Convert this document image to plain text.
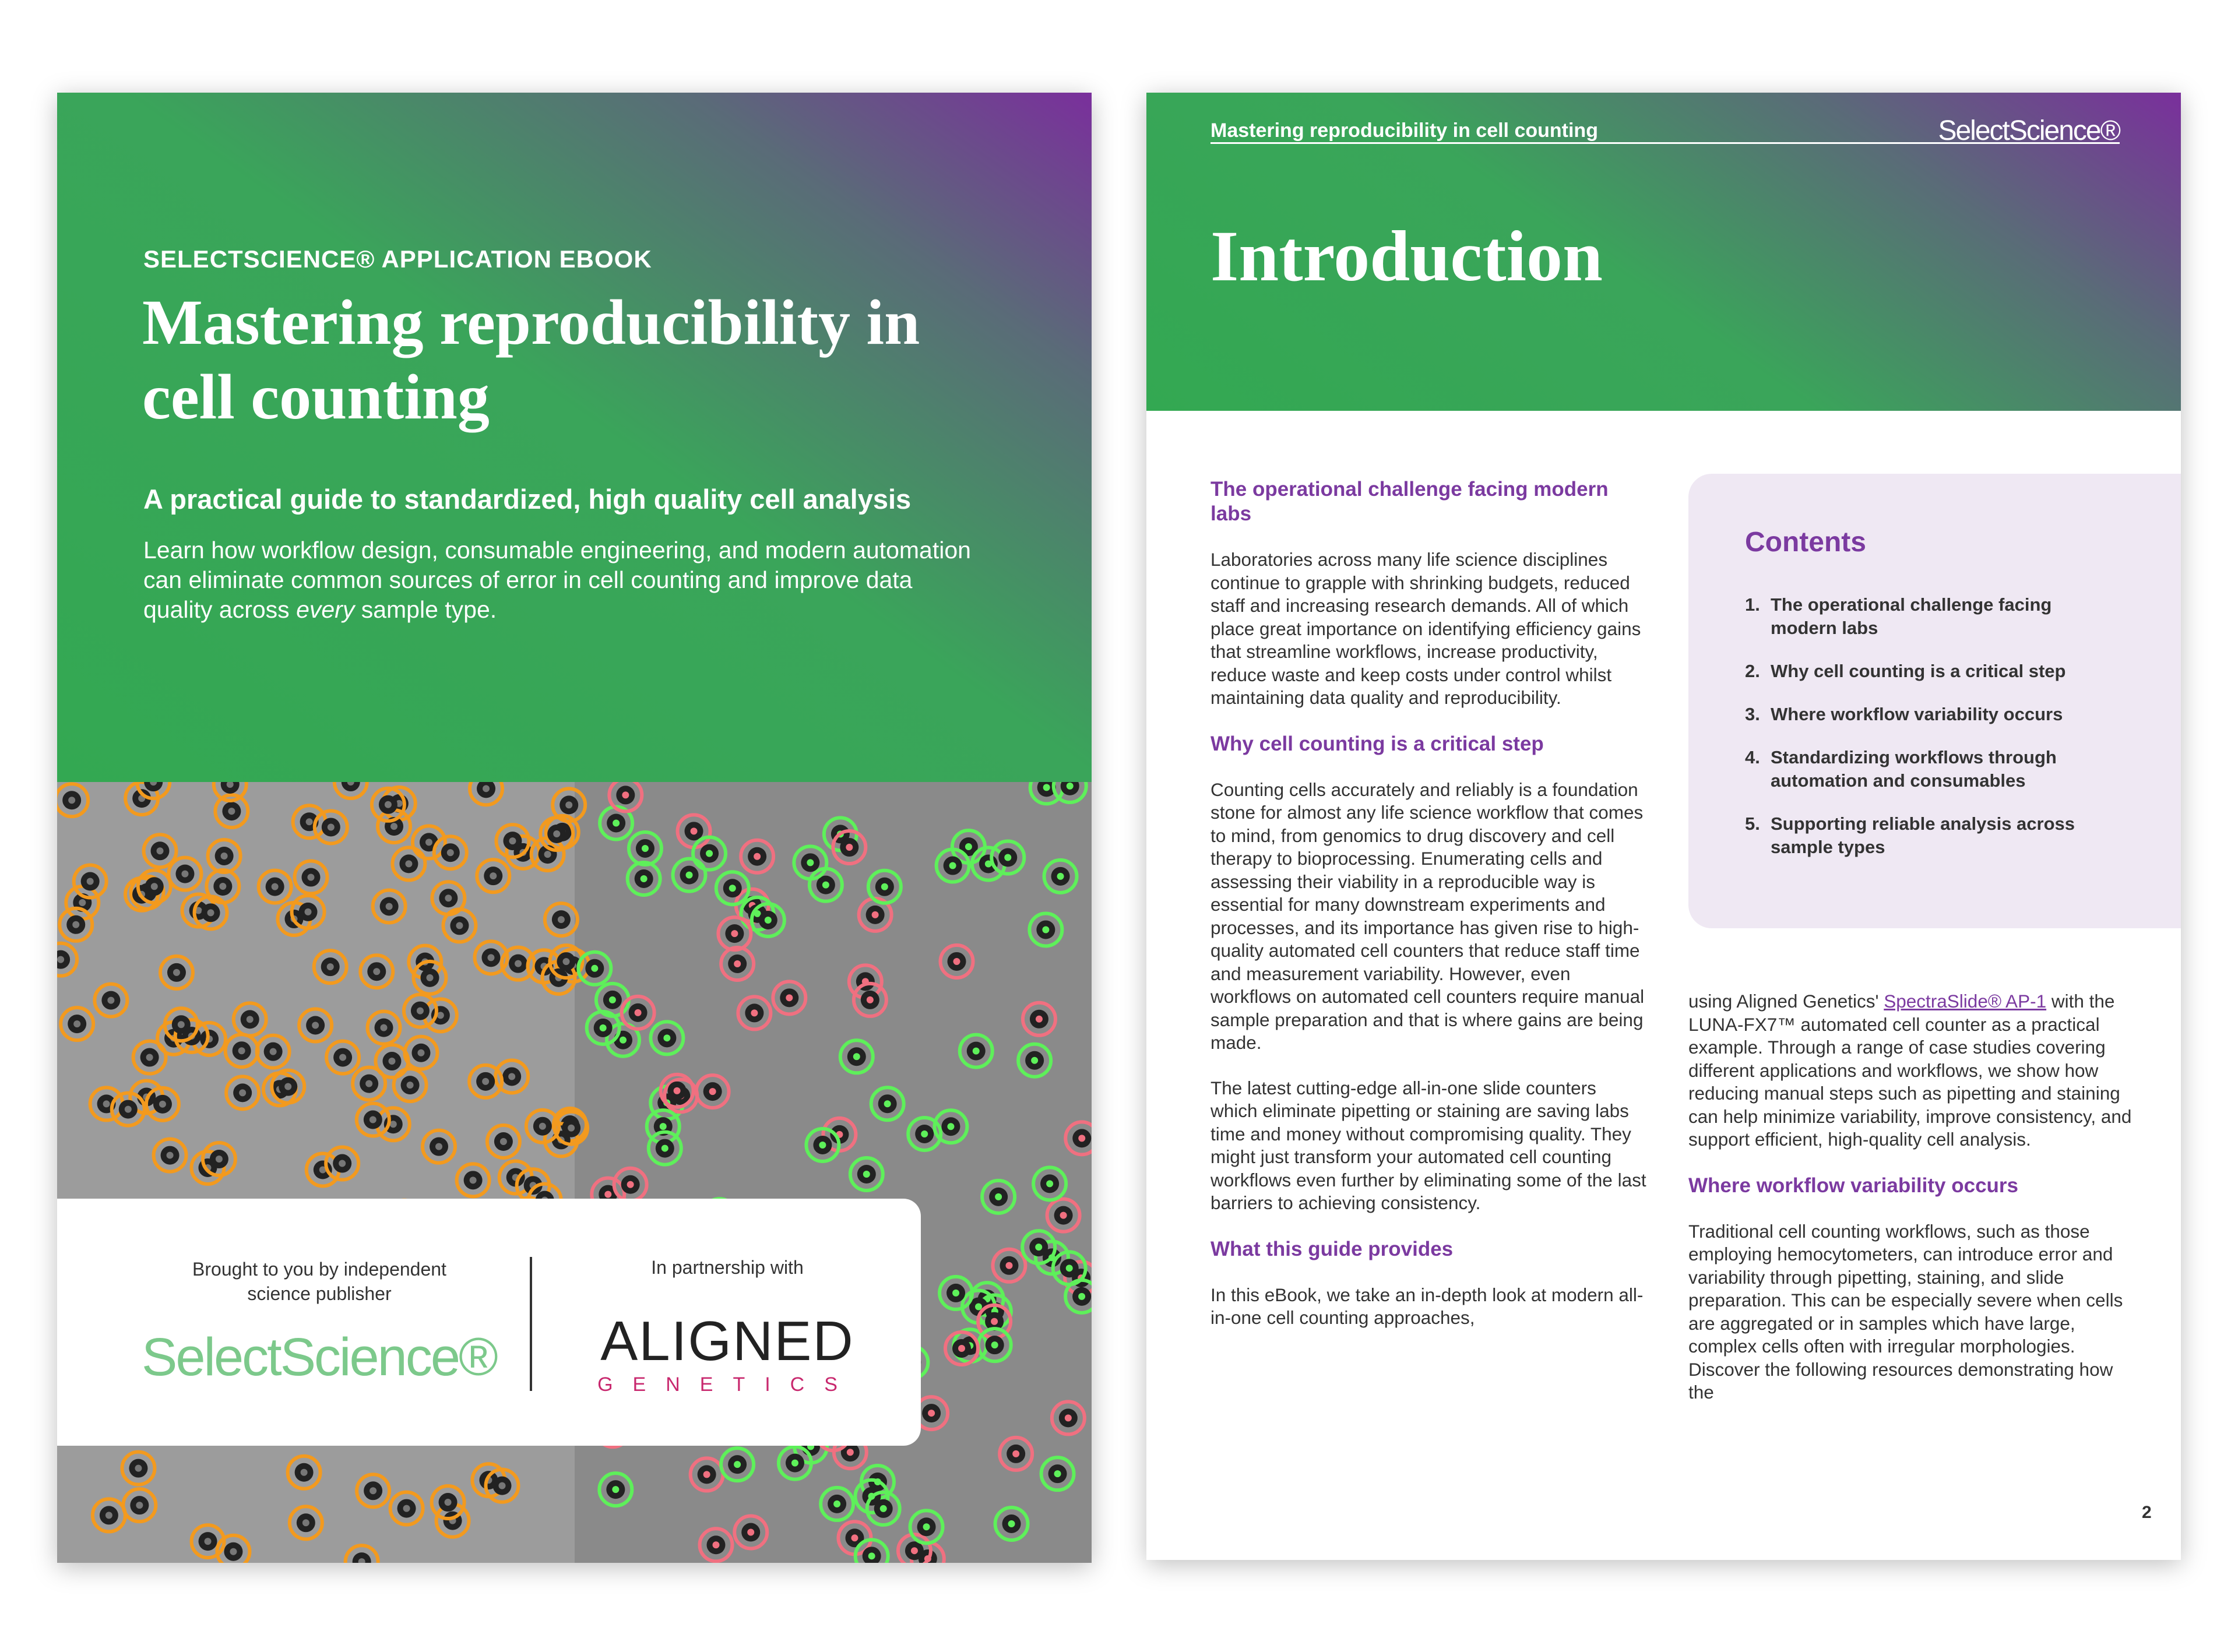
SELECTSCIENCE® APPLICATION EBOOK
Mastering reproducibility in cell counting
A practical guide to standardized, high quality cell analysis
Learn how workflow design, consumable engineering, and modern automation can eliminate common sources of error in cell counting and improve data quality across every sample type.
Brought to you by independent science publisher
SelectScience®
In partnership with
ALIGNED
GENETICS
Mastering reproducibility in cell counting	SelectScience®
Introduction
The operational challenge facing modern labs

Laboratories across many life science disciplines continue to grapple with shrinking budgets, reduced staff and increasing research demands. All of which place great importance on identifying efficiency gains that streamline workflows, increase productivity, reduce waste and keep costs under control whilst maintaining data quality and reproducibility.

Why cell counting is a critical step

Counting cells accurately and reliably is a foundation stone for almost any life science workflow that comes to mind, from genomics to drug discovery and cell therapy to bioprocessing. Enumerating cells and assessing their viability in a reproducible way is essential for many downstream experiments and processes, and its importance has given rise to high-quality automated cell counters that reduce staff time and measurement variability. However, even workflows on automated cell counters require manual sample preparation and that is where gains are being made.

The latest cutting-edge all-in-one slide counters which eliminate pipetting or staining are saving labs time and money without compromising quality. They might just transform your automated cell counting workflows even further by eliminating some of the last barriers to achieving consistency.

What this guide provides

In this eBook, we take an in-depth look at modern all-in-one cell counting approaches,

Contents
1. The operational challenge facing modern labs
2. Why cell counting is a critical step
3. Where workflow variability occurs
4. Standardizing workflows through automation and consumables
5. Supporting reliable analysis across sample types

using Aligned Genetics' SpectraSlide® AP-1 with the LUNA-FX7™ automated cell counter as a practical example. Through a range of case studies covering different applications and workflows, we show how reducing manual steps such as pipetting and staining can help minimize variability, improve consistency, and support efficient, high-quality cell analysis.

Where workflow variability occurs

Traditional cell counting workflows, such as those employing hemocytometers, can introduce error and variability through pipetting, staining, and slide preparation. This can be especially severe when cells are aggregated or in samples which have large, complex cells often with irregular morphologies. Discover the following resources demonstrating how the

2
